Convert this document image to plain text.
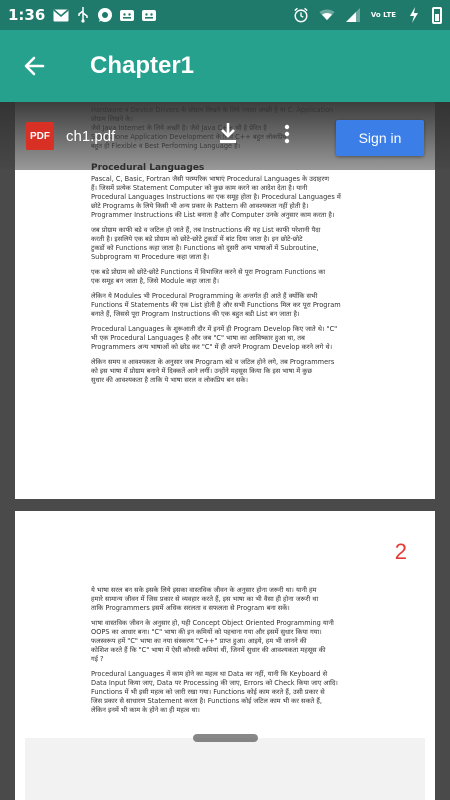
1:36	Vo LTE
Chapter1
Pascal, C, Basic, Fortran जैसी परम्परिक भाषाएं Procedural Languages के उदाहरण
हैं। जिसमें प्रत्येक Statement Computer को कुछ काम करने का आदेश देता है। यानी
Procedural Languages Instructions का एक समूह होता है। Procedural Languages में
छोटे Programs के लिये किसी भी अन्य प्रकार के Pattern की आवश्यकता नहीं होती है।
Programmer Instructions की List बनाता है और Computer उनके अनुसार काम करता है।
जब प्रोग्राम काफी बडे व जटिल हो जाते हैं, तब Instructions की यह List काफी परेशानी पैदा
करती है। इसलिये एक बडे प्रोग्राम को छोटे-छोटे टुकडों में बांट दिया जाता है। इन छोटे-छोटे
टुकडों को Functions कहा जाता है। Functions को दूसरी अन्य भाषाओं में Subroutine,
Subprogram या Procedure कहा जाता है।
एक बडे प्रोग्राम को छोटे-छोटे Functions में विभाजित करने से पूरा Program Functions का
एक समूह बन जाता है, जिसे Module कहा जाता है।
लेकिन ये Modules भी Procedural Programming के अन्तर्गत ही आते हैं क्योंकि सभी
Functions में Statements की एक List होती है और सभी Functions मिल कर पूरा Program
बनाते हैं, जिससे पूरा Program Instructions की एक बहुत बडी List बन जाता है।
Procedural Languages के शुरूआती दौर में इनमें ही Program Develop किए जाते थे। "C"
भी एक Procedural Languages है और जब "C" भाषा का आविष्कार हुआ था, तब
Programmers अन्य भाषाओं को छोड कर "C" में ही अपने Program Develop करने लगे थे।
लेकिन समय व आवश्यकता के अनुसार जब Program बडे व जटिल होने लगे, तब Programmers
को इस भाषा में प्रोग्राम बनाने में दिक्कतें आने लगीं। उन्होंने महसूस किया कि इस भाषा में कुछ
सुधार की आवश्यकता है ताकि ये भाषा सरल व लोकप्रिय बन सके।
2
ये भाषा सरल बन सके इसके लिये इसका वास्तविक जीवन के अनुसार होना जरूरी था। यानी हम
हमारे सामान्य जीवन में जिस प्रकार से व्यवहार करते हैं, इस भाषा का भी वैसा ही होना जरूरी था
ताकि Programmers इसमें अधिक सरलता व सफलता से Program बना सकें।
भाषा वास्तविक जीवन के अनुसार हो, यही Concept Object Oriented Programming यानी
OOPS का आधार बना। "C" भाषा की इन कमियों को पहचाना गया और इसमें सुधार किया गया।
फलस्वरूप हमें "C" भाषा का नया संस्करण "C++" प्राप्त हुआ। आइये, हम भी जानने की
कोशिश करते हैं कि "C" भाषा में ऐसी कौनसी कमियां थीं, जिनमें सुधार की आवश्यकता महसूस की
गई ?
Procedural Languages में काम होने का महत्व था Data का नहीं, यानी कि Keyboard से
Data Input किया जाए, Data पर Processing की जाए, Errors को Check किया जाए आदि।
Functions में भी इसी महत्व को जारी रखा गया। Functions कोई काम करते हैं, उसी प्रकार से
जिस प्रकार से साधारण Statement करता है। Functions कोई जटिल काम भी कर सकते हैं,
लेकिन इनमें भी काम के होने का ही महत्व था।
PDF ch1.pdf	Sign in
